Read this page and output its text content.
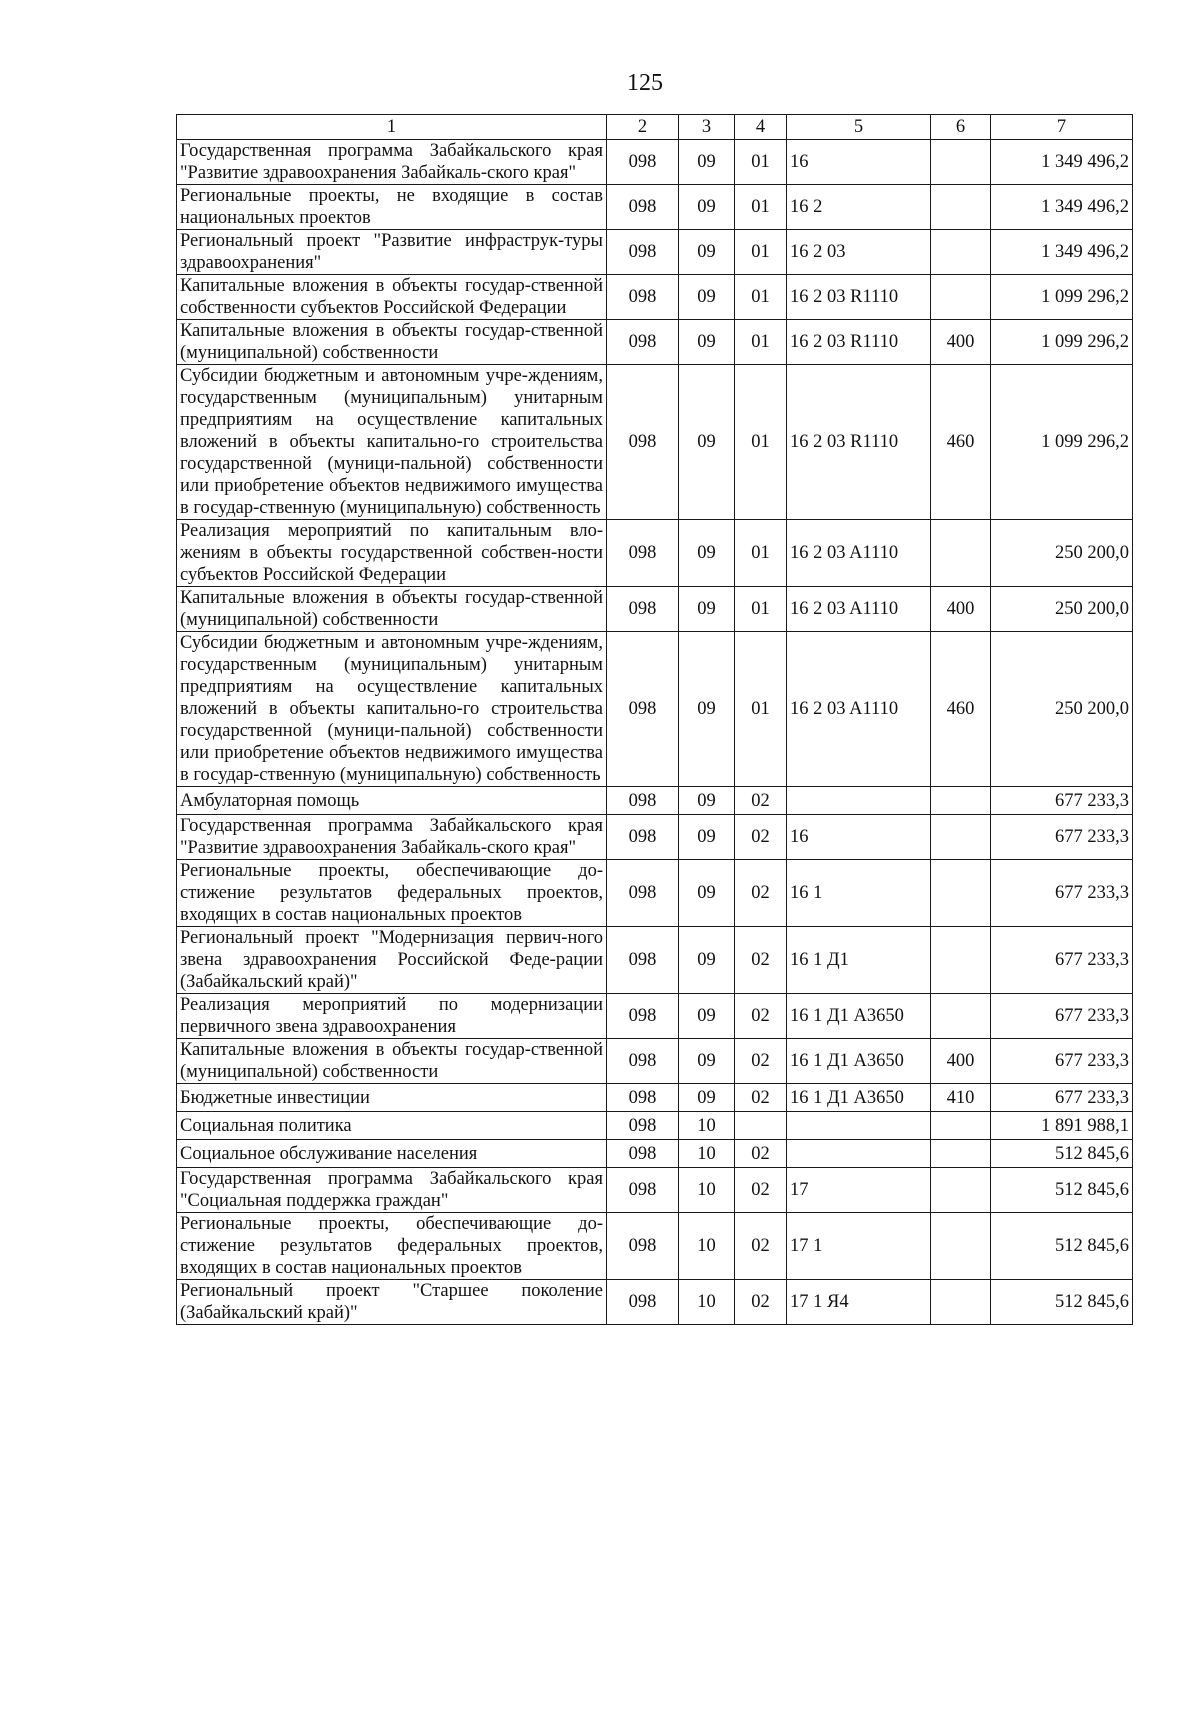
125
1	2	3	4	5	6	7
Государственная программа Забайкальского края "Развитие здравоохранения Забайкаль-ского края"	098	09	01	16		1 349 496,2
Региональные проекты, не входящие в состав национальных проектов	098	09	01	16 2		1 349 496,2
Региональный проект "Развитие инфраструк-туры здравоохранения"	098	09	01	16 2 03		1 349 496,2
Капитальные вложения в объекты государ-ственной собственности субъектов Российской Федерации	098	09	01	16 2 03 R1110		1 099 296,2
Капитальные вложения в объекты государ-ственной (муниципальной) собственности	098	09	01	16 2 03 R1110	400	1 099 296,2
Субсидии бюджетным и автономным учре-ждениям, государственным (муниципальным) унитарным предприятиям на осуществление капитальных вложений в объекты капитально-го строительства государственной (муници-пальной) собственности или приобретение объектов недвижимого имущества в государ-ственную (муниципальную) собственность	098	09	01	16 2 03 R1110	460	1 099 296,2
Реализация мероприятий по капитальным вло-жениям в объекты государственной собствен-ности субъектов Российской Федерации	098	09	01	16 2 03 A1110		250 200,0
Капитальные вложения в объекты государ-ственной (муниципальной) собственности	098	09	01	16 2 03 A1110	400	250 200,0
Субсидии бюджетным и автономным учре-ждениям, государственным (муниципальным) унитарным предприятиям на осуществление капитальных вложений в объекты капитально-го строительства государственной (муници-пальной) собственности или приобретение объектов недвижимого имущества в государ-ственную (муниципальную) собственность	098	09	01	16 2 03 A1110	460	250 200,0
Амбулаторная помощь	098	09	02			677 233,3
Государственная программа Забайкальского края "Развитие здравоохранения Забайкаль-ского края"	098	09	02	16		677 233,3
Региональные проекты, обеспечивающие до-стижение результатов федеральных проектов, входящих в состав национальных проектов	098	09	02	16 1		677 233,3
Региональный проект "Модернизация первич-ного звена здравоохранения Российской Феде-рации (Забайкальский край)"	098	09	02	16 1 Д1		677 233,3
Реализация мероприятий по модернизации первичного звена здравоохранения	098	09	02	16 1 Д1 A3650		677 233,3
Капитальные вложения в объекты государ-ственной (муниципальной) собственности	098	09	02	16 1 Д1 A3650	400	677 233,3
Бюджетные инвестиции	098	09	02	16 1 Д1 A3650	410	677 233,3
Социальная политика	098	10				1 891 988,1
Социальное обслуживание населения	098	10	02			512 845,6
Государственная программа Забайкальского края "Социальная поддержка граждан"	098	10	02	17		512 845,6
Региональные проекты, обеспечивающие до-стижение результатов федеральных проектов, входящих в состав национальных проектов	098	10	02	17 1		512 845,6
Региональный проект "Старшее поколение (Забайкальский край)"	098	10	02	17 1 Я4		512 845,6
